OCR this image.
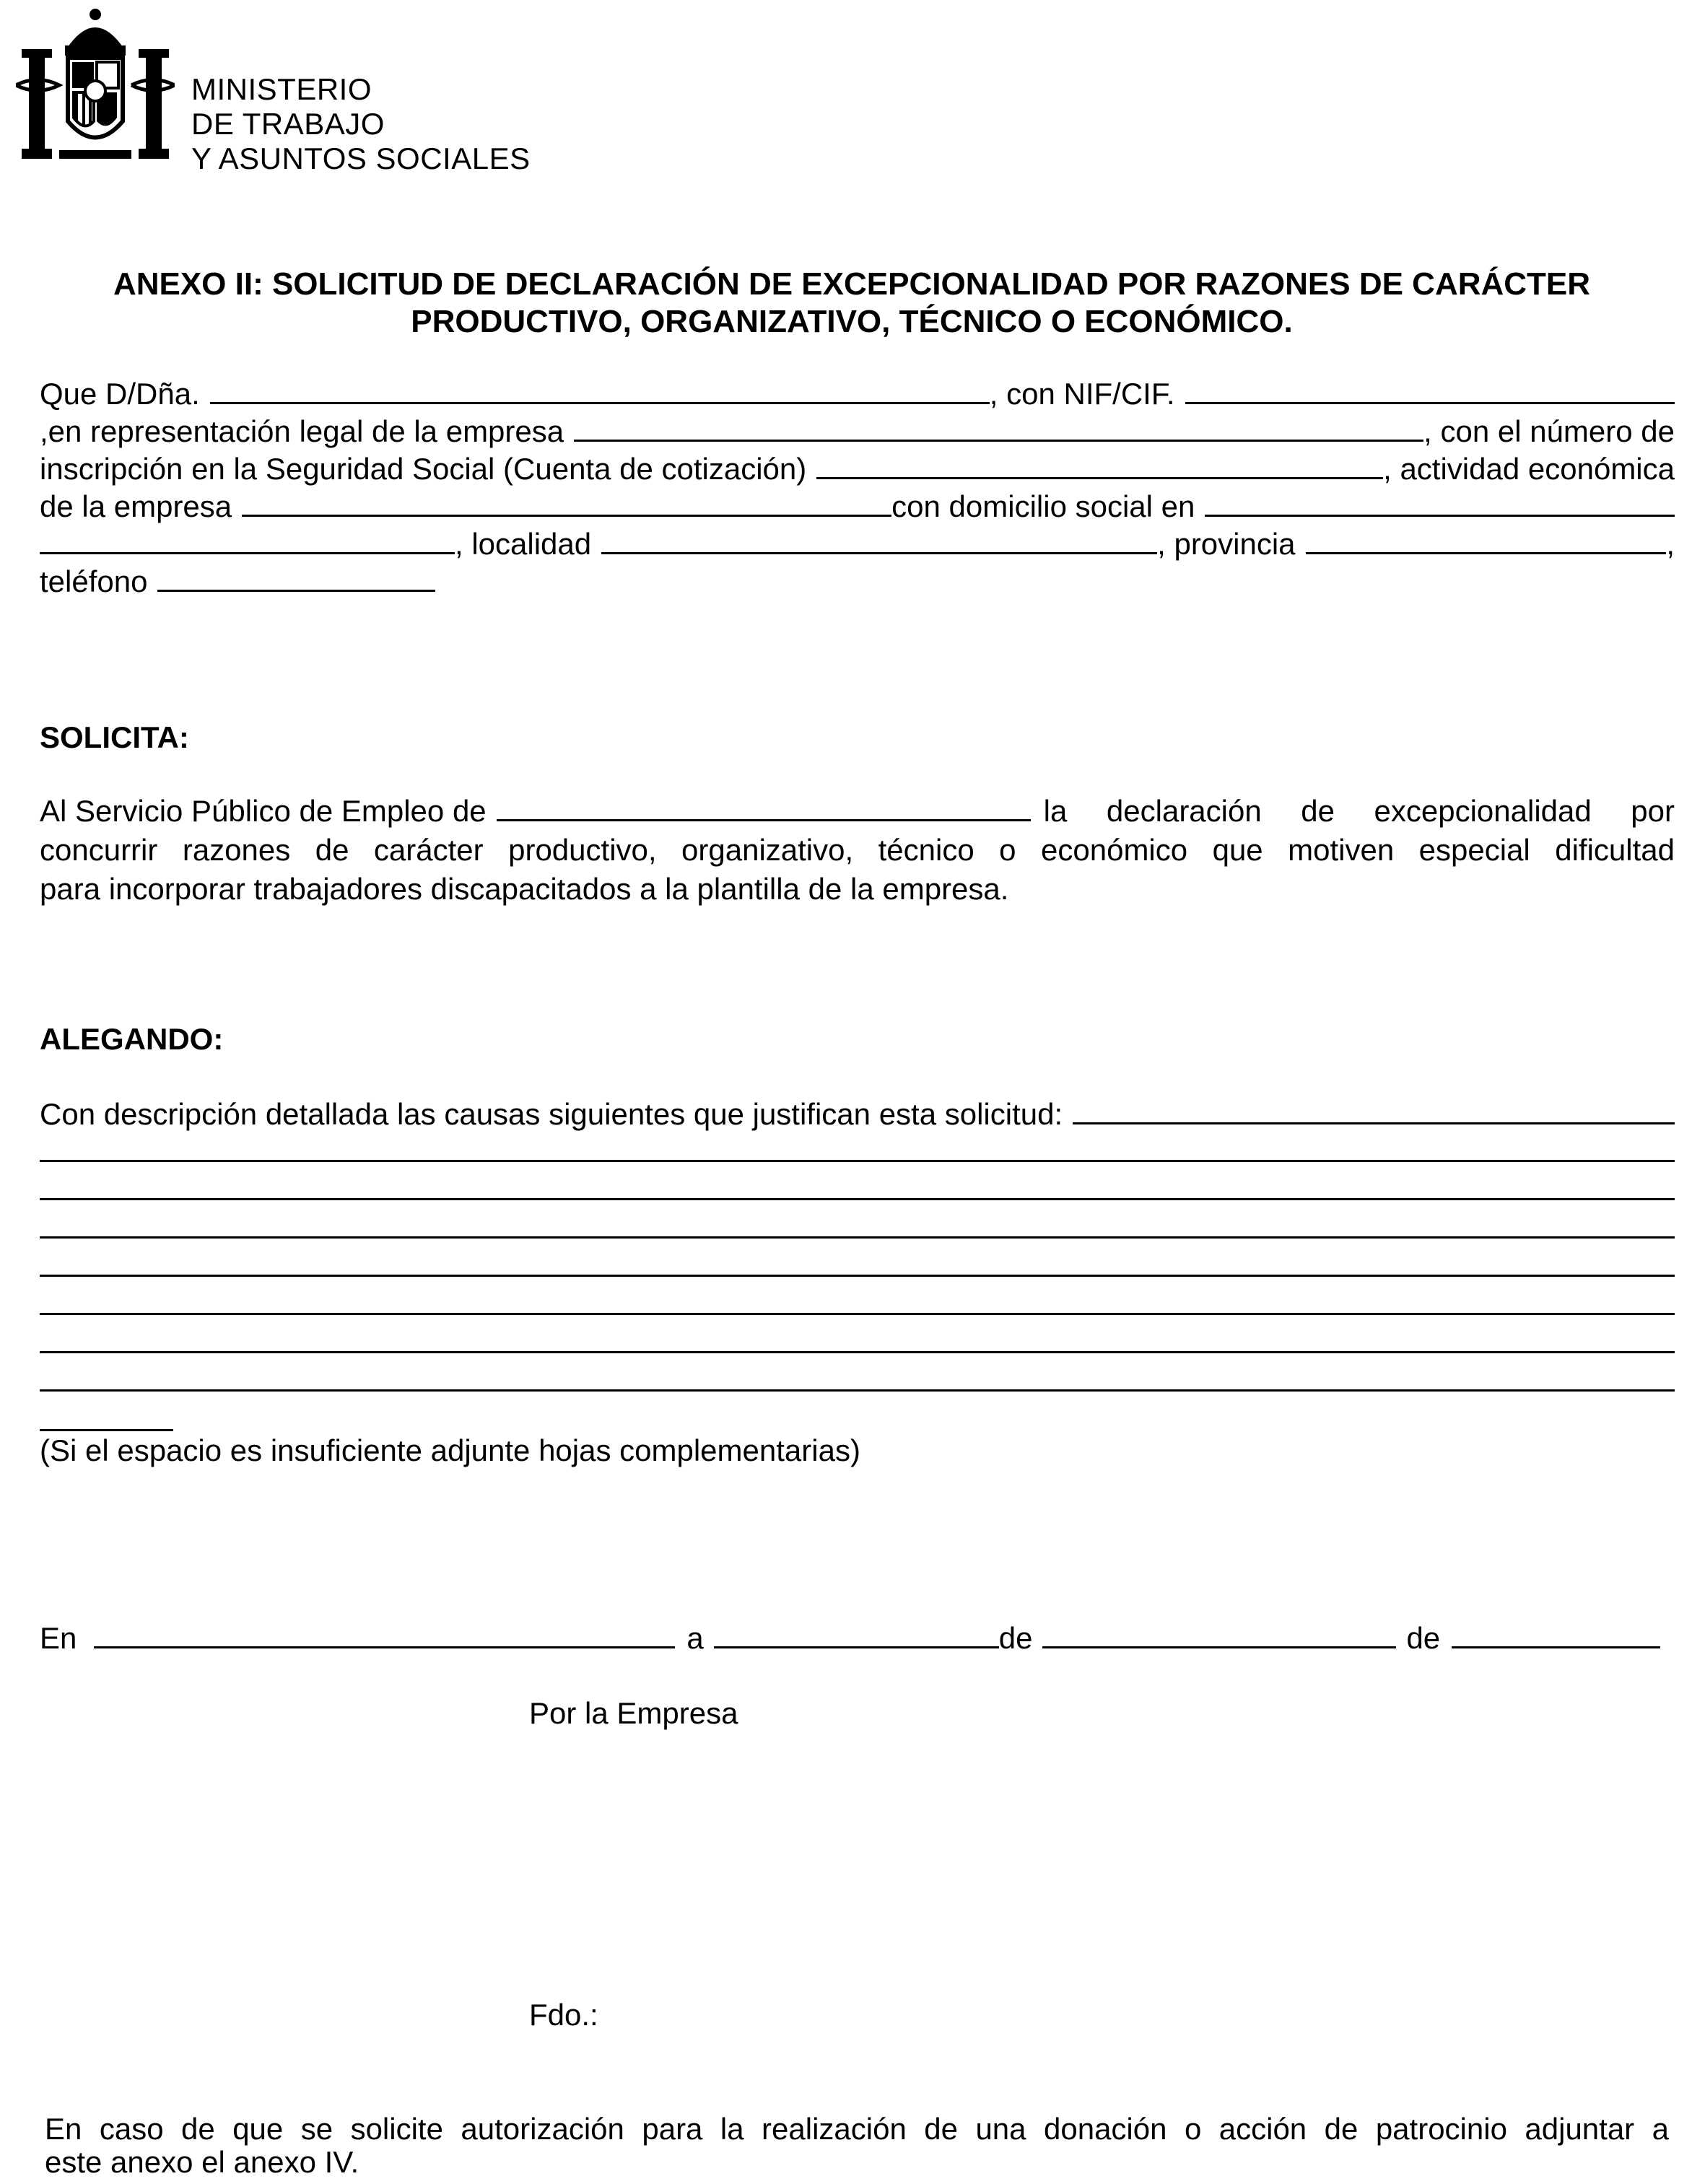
MINISTERIO
DE TRABAJO
Y ASUNTOS SOCIALES
ANEXO II: SOLICITUD DE DECLARACIÓN DE EXCEPCIONALIDAD POR RAZONES DE CARÁCTER
PRODUCTIVO, ORGANIZATIVO, TÉCNICO O ECONÓMICO.
Que D/Dña.	, con NIF/CIF.
,en representación legal de la empresa	, con el número de
inscripción en la Seguridad Social (Cuenta de cotización)	, actividad económica
de la empresa	con domicilio social en
, localidad	, provincia	,
teléfono
SOLICITA:
Al Servicio Público de Empleo de	la declaración de excepcionalidad por
concurrir razones de carácter productivo, organizativo, técnico o económico que motiven especial dificultad
para incorporar trabajadores discapacitados a la plantilla de la empresa.
ALEGANDO:
Con descripción detallada las causas siguientes que justifican esta solicitud:
(Si el espacio es insuficiente adjunte hojas complementarias)
En	a	de	de
Por la Empresa
Fdo.:
En caso de que se solicite autorización para la realización de una donación o acción de patrocinio adjuntar a
este anexo el anexo IV.
